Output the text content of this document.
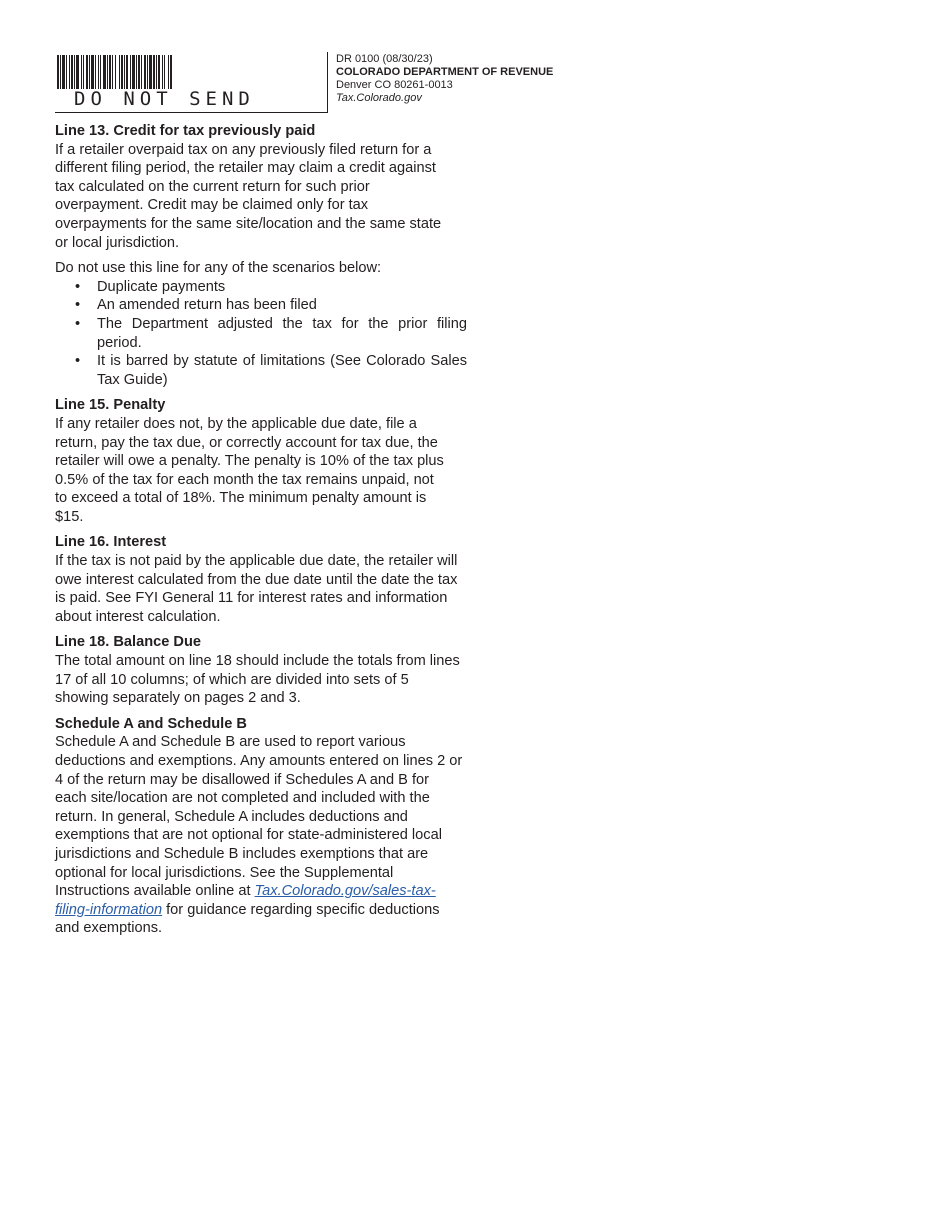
DO NOT SEND
DR 0100 (08/30/23)
COLORADO DEPARTMENT OF REVENUE
Denver CO 80261-0013
Tax.Colorado.gov
Line 13. Credit for tax previously paid

If a retailer overpaid tax on any previously filed return for a different filing period, the retailer may claim a credit against tax calculated on the current return for such prior overpayment. Credit may be claimed only for tax overpayments for the same site/location and the same state or local jurisdiction.

Do not use this line for any of the scenarios below:

• Duplicate payments
• An amended return has been filed
• The Department adjusted the tax for the prior filing period.
• It is barred by statute of limitations (See Colorado Sales Tax Guide)
Line 15. Penalty

If any retailer does not, by the applicable due date, file a return, pay the tax due, or correctly account for tax due, the retailer will owe a penalty. The penalty is 10% of the tax plus 0.5% of the tax for each month the tax remains unpaid, not to exceed a total of 18%. The minimum penalty amount is $15.

Line 16. Interest

If the tax is not paid by the applicable due date, the retailer will owe interest calculated from the due date until the date the tax is paid. See FYI General 11 for interest rates and information about interest calculation.

Line 18. Balance Due

The total amount on line 18 should include the totals from lines 17 of all 10 columns; of which are divided into sets of 5 showing separately on pages 2 and 3.

Schedule A and Schedule B

Schedule A and Schedule B are used to report various deductions and exemptions. Any amounts entered on lines 2 or 4 of the return may be disallowed if Schedules A and B for each site/location are not completed and included with the return. In general, Schedule A includes deductions and exemptions that are not optional for state-administered local jurisdictions and Schedule B includes exemptions that are optional for local jurisdictions. See the Supplemental Instructions available online at Tax.Colorado.gov/sales-tax-filing-information for guidance regarding specific deductions and exemptions.
